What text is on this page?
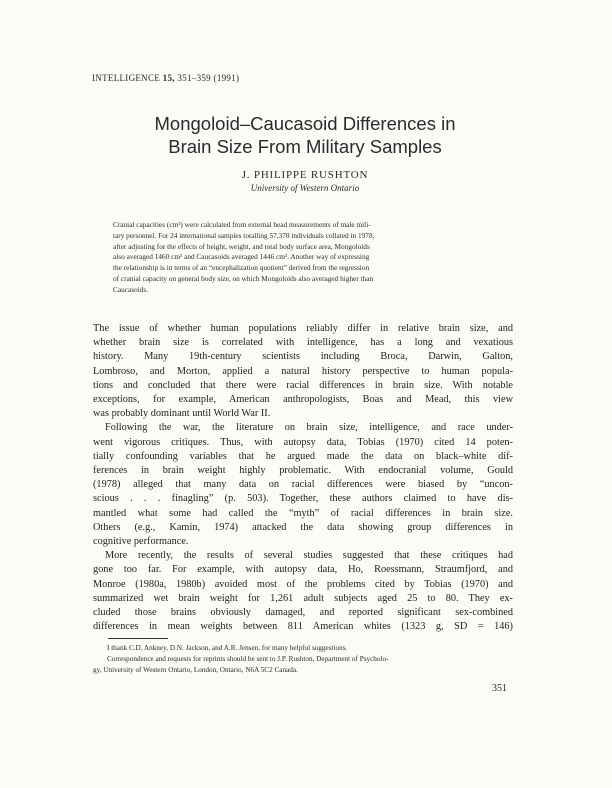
INTELLIGENCE 15, 351–359 (1991)
Mongoloid–Caucasoid Differences in
Brain Size From Military Samples
J. PHILIPPE RUSHTON
University of Western Ontario
Cranial capacities (cm³) were calculated from external head measurements of male mili-
tary personnel. For 24 international samples totalling 57,378 individuals collated in 1978,
after adjusting for the effects of height, weight, and total body surface area, Mongoloids
also averaged 1460 cm³ and Caucasoids averaged 1446 cm³. Another way of expressing
the relationship is in terms of an “encephalization quotient” derived from the regression
of cranial capacity on general body size, on which Mongoloids also averaged higher than
Caucasoids.
The issue of whether human populations reliably differ in relative brain size, and
whether brain size is correlated with intelligence, has a long and vexatious
history. Many 19th-century scientists including Broca, Darwin, Galton,
Lombroso, and Morton, applied a natural history perspective to human popula-
tions and concluded that there were racial differences in brain size. With notable
exceptions, for example, American anthropologists, Boas and Mead, this view
was probably dominant until World War II.
Following the war, the literature on brain size, intelligence, and race under-
went vigorous critiques. Thus, with autopsy data, Tobias (1970) cited 14 poten-
tially confounding variables that he argued made the data on black–white dif-
ferences in brain weight highly problematic. With endocranial volume, Gould
(1978) alleged that many data on racial differences were biased by “uncon-
scious . . . finagling” (p. 503). Together, these authors claimed to have dis-
mantled what some had called the “myth” of racial differences in brain size.
Others (e.g., Kamin, 1974) attacked the data showing group differences in
cognitive performance.
More recently, the results of several studies suggested that these critiques had
gone too far. For example, with autopsy data, Ho, Roessmann, Straumfjord, and
Monroe (1980a, 1980b) avoided most of the problems cited by Tobias (1970) and
summarized wet brain weight for 1,261 adult subjects aged 25 to 80. They ex-
cluded those brains obviously damaged, and reported significant sex-combined
differences in mean weights between 811 American whites (1323 g, SD = 146)
I thank C.D. Ankney, D.N. Jackson, and A.R. Jensen, for many helpful suggestions.
Correspondence and requests for reprints should be sent to J.P. Rushton, Department of Psycholo-
gy, University of Western Ontario, London, Ontario, N6A 5C2 Canada.
351
